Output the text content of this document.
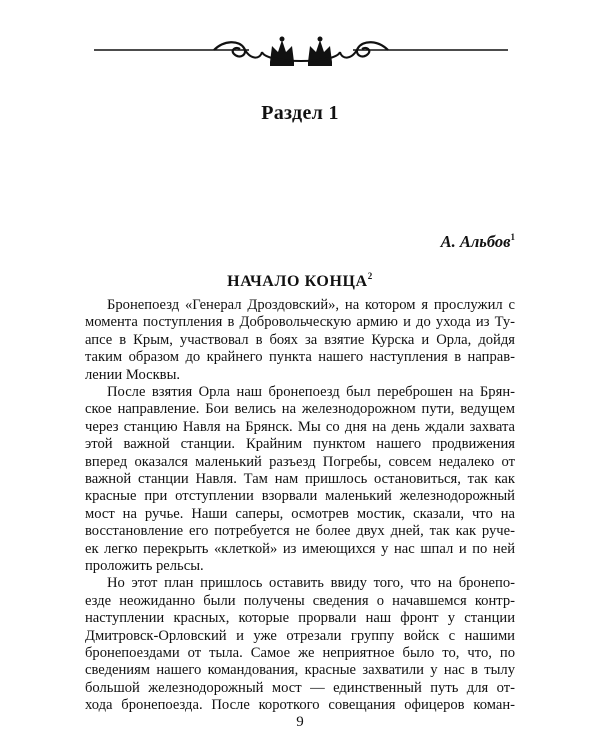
Раздел 1
А. Альбов$^1$
НАЧАЛО КОНЦА$^2$
Бронепоезд «Генерал Дроздовский», на котором я прослужил с
момента поступления в Добровольческую армию и до ухода из Ту-
апсе в Крым, участвовал в боях за взятие Курска и Орла, дойдя
таким образом до крайнего пункта нашего наступления в направ-
лении Москвы.
После взятия Орла наш бронепоезд был переброшен на Брян-
ское направление. Бои велись на железнодорожном пути, ведущем
через станцию Навля на Брянск. Мы со дня на день ждали захвата
этой важной станции. Крайним пунктом нашего продвижения
вперед оказался маленький разъезд Погребы, совсем недалеко от
важной станции Навля. Там нам пришлось остановиться, так как
красные при отступлении взорвали маленький железнодорожный
мост на ручье. Наши саперы, осмотрев мостик, сказали, что на
восстановление его потребуется не более двух дней, так как руче-
ек легко перекрыть «клеткой» из имеющихся у нас шпал и по ней
проложить рельсы.
Но этот план пришлось оставить ввиду того, что на бронепо-
езде неожиданно были получены сведения о начавшемся контр-
наступлении красных, которые прорвали наш фронт у станции
Дмитровск-Орловский и уже отрезали группу войск с нашими
бронепоездами от тыла. Самое же неприятное было то, что, по
сведениям нашего командования, красные захватили у нас в тылу
большой железнодорожный мост — единственный путь для от-
хода бронепоезда. После короткого совещания офицеров коман-
9
